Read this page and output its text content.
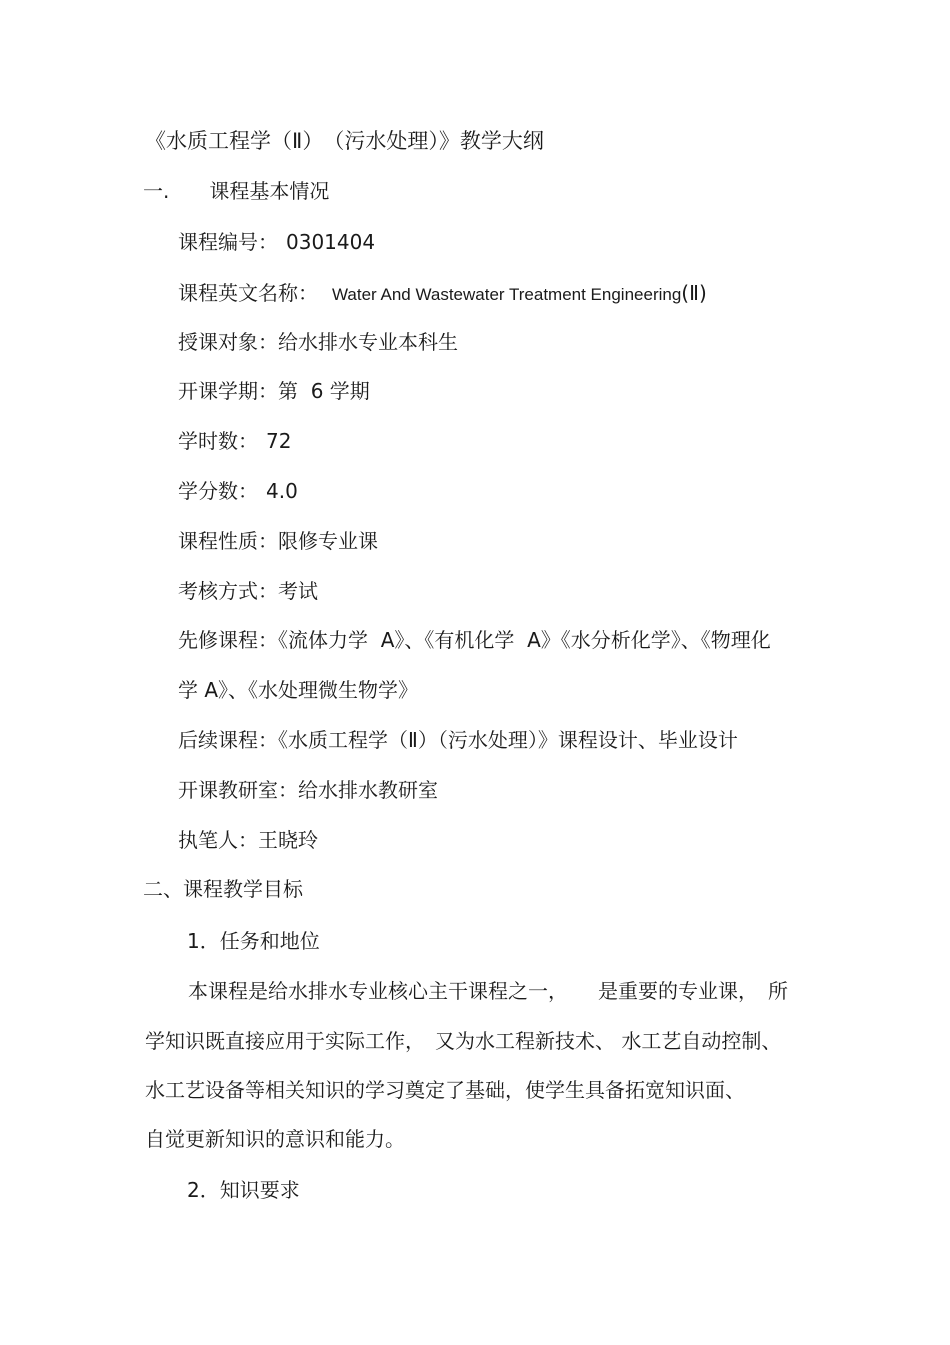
《水质工程学（Ⅱ）　（污水处理）》教学大纲
一. 课程基本情况
课程编号： 0301404
课程英文名称： Water And Wastewater Treatment Engineering(Ⅱ)
授课对象：给水排水专业本科生
开课学期：第  6 学期
学时数： 72
学分数： 4.0
课程性质：限修专业课
考核方式：考试
先修课程：《流体力学  A》、《有机化学  A》《水分析化学》、《物理化
学 A》、《水处理微生物学》
后续课程：《水质工程学（Ⅱ）（污水处理）》课程设计、毕业设计
开课教研室：给水排水教研室
执笔人：王晓玲
二、课程教学目标
1．任务和地位
本课程是给水排水专业核心主干课程之一，　　是重要的专业课，　所
学知识既直接应用于实际工作，　又为水工程新技术、 水工艺自动控制、
水工艺设备等相关知识的学习奠定了基础，使学生具备拓宽知识面、
自觉更新知识的意识和能力。
2．知识要求
